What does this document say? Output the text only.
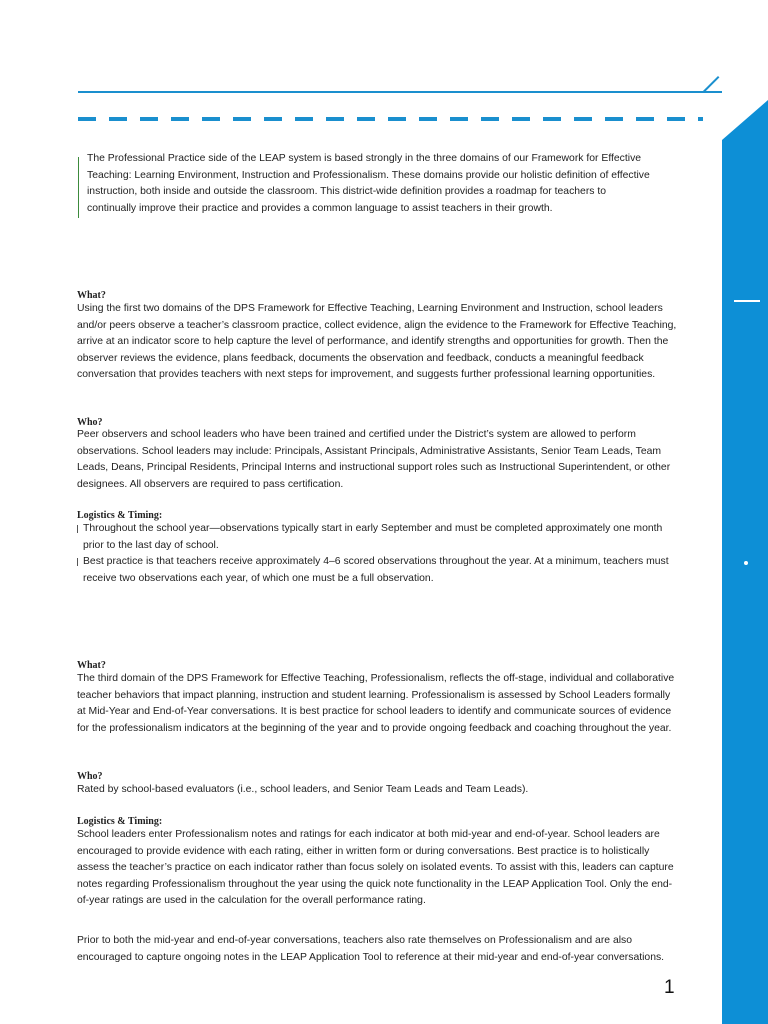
The Professional Practice side of the LEAP system is based strongly in the three domains of our Framework for Effective Teaching: Learning Environment, Instruction and Professionalism. These domains provide our holistic definition of effective instruction, both inside and outside the classroom. This district-wide definition provides a roadmap for teachers to continually improve their practice and provides a common language to assist teachers in their growth.

What?

Using the first two domains of the DPS Framework for Effective Teaching, Learning Environment and Instruction, school leaders and/or peers observe a teacher’s classroom practice, collect evidence, align the evidence to the Framework for Effective Teaching, arrive at an indicator score to help capture the level of performance, and identify strengths and opportunities for growth. Then the observer reviews the evidence, plans feedback, documents the observation and feedback, conducts a meaningful feedback conversation that provides teachers with next steps for improvement, and suggests further professional learning opportunities.

Who?

Peer observers and school leaders who have been trained and certified under the District’s system are allowed to perform observations. School leaders may include: Principals, Assistant Principals, Administrative Assistants, Senior Team Leads, Team Leads, Deans, Principal Residents, Principal Interns and instructional support roles such as Instructional Superintendent, or other designees. All observers are required to pass certification.

Logistics & Timing:
Throughout the school year—observations typically start in early September and must be completed approximately one month prior to the last day of school.
Best practice is that teachers receive approximately 4–6 scored observations throughout the year. At a minimum, teachers must receive two observations each year, of which one must be a full observation.
What?

The third domain of the DPS Framework for Effective Teaching, Professionalism, reflects the off-stage, individual and collaborative teacher behaviors that impact planning, instruction and student learning. Professionalism is assessed by School Leaders formally at Mid-Year and End-of-Year conversations. It is best practice for school leaders to identify and communicate sources of evidence for the professionalism indicators at the beginning of the year and to provide ongoing feedback and coaching throughout the year.

Who?

Rated by school-based evaluators (i.e., school leaders, and Senior Team Leads and Team Leads).

Logistics & Timing:

School leaders enter Professionalism notes and ratings for each indicator at both mid-year and end-of-year. School leaders are encouraged to provide evidence with each rating, either in written form or during conversations. Best practice is to holistically assess the teacher’s practice on each indicator rather than focus solely on isolated events. To assist with this, leaders can capture notes regarding Professionalism throughout the year using the quick note functionality in the LEAP Application Tool. Only the end-of-year ratings are used in the calculation for the overall performance rating.

Prior to both the mid-year and end-of-year conversations, teachers also rate themselves on Professionalism and are also encouraged to capture ongoing notes in the LEAP Application Tool to reference at their mid-year and end-of-year conversations.

1
